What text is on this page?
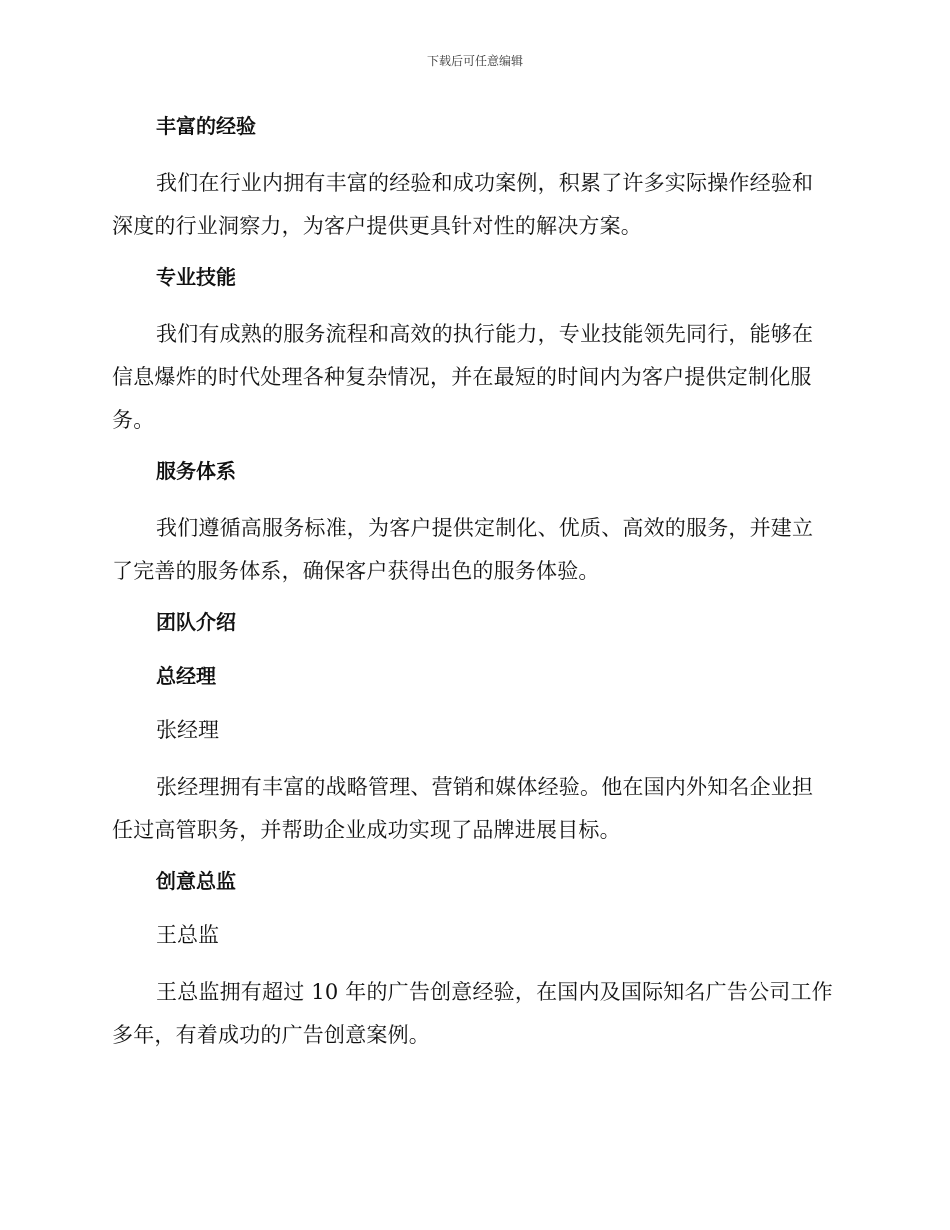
下载后可任意编辑
丰富的经验
我们在行业内拥有丰富的经验和成功案例，积累了许多实际操作经验和
深度的行业洞察力，为客户提供更具针对性的解决方案。
专业技能
我们有成熟的服务流程和高效的执行能力，专业技能领先同行，能够在
信息爆炸的时代处理各种复杂情况，并在最短的时间内为客户提供定制化服
务。
服务体系
我们遵循高服务标准，为客户提供定制化、优质、高效的服务，并建立
了完善的服务体系，确保客户获得出色的服务体验。
团队介绍
总经理
张经理
张经理拥有丰富的战略管理、营销和媒体经验。他在国内外知名企业担
任过高管职务，并帮助企业成功实现了品牌进展目标。
创意总监
王总监
王总监拥有超过 10 年的广告创意经验，在国内及国际知名广告公司工作
多年，有着成功的广告创意案例。
